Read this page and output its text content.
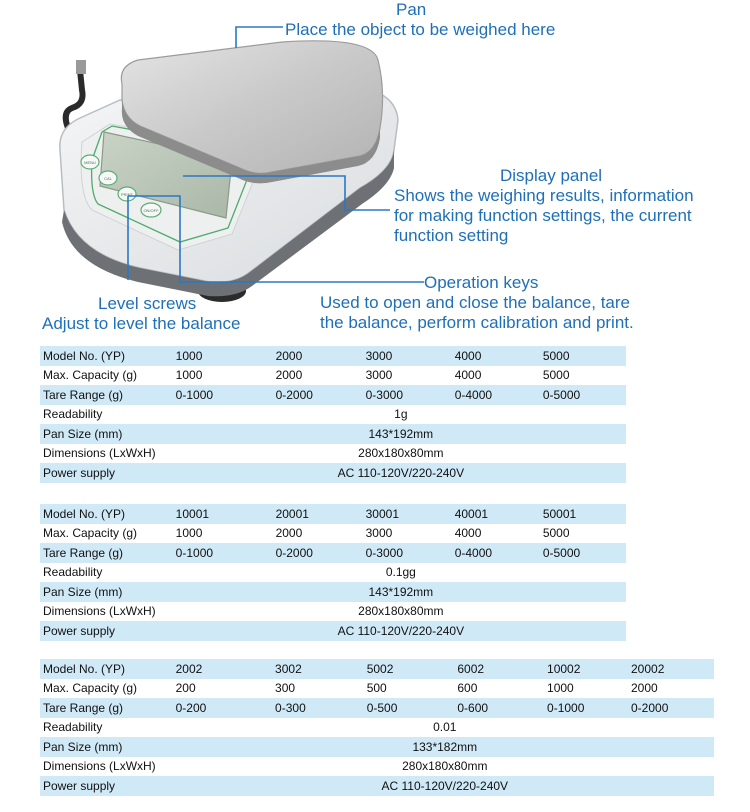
MENU
CAL
PRINT
ON/OFF
Pan
Place the object to be weighed here
Display panel
Shows the weighing results, information
for making function settings, the current
function setting
Operation keys
Used to open and close the balance, tare
the balance, perform calibration and print.
Level screws
Adjust to level the balance
Model No. (YP)	1000	2000	3000	4000	5000
Max. Capacity (g)	1000	2000	3000	4000	5000
Tare Range (g)	0-1000	0-2000	0-3000	0-4000	0-5000
Readability	1g				
Pan Size (mm)	143*192mm				
Dimensions (LxWxH)	280x180x80mm				
Power supply	AC 110-120V/220-240V				
Model No. (YP)	10001	20001	30001	40001	50001
Max. Capacity (g)	1000	2000	3000	4000	5000
Tare Range (g)	0-1000	0-2000	0-3000	0-4000	0-5000
Readability	0.1gg				
Pan Size (mm)	143*192mm				
Dimensions (LxWxH)	280x180x80mm				
Power supply	AC 110-120V/220-240V				
Model No. (YP)	2002	3002	5002	6002	10002	20002
Max. Capacity (g)	200	300	500	600	1000	2000
Tare Range (g)	0-200	0-300	0-500	0-600	0-1000	0-2000
Readability	0.01					
Pan Size (mm)	133*182mm					
Dimensions (LxWxH)	280x180x80mm					
Power supply	AC 110-120V/220-240V					
